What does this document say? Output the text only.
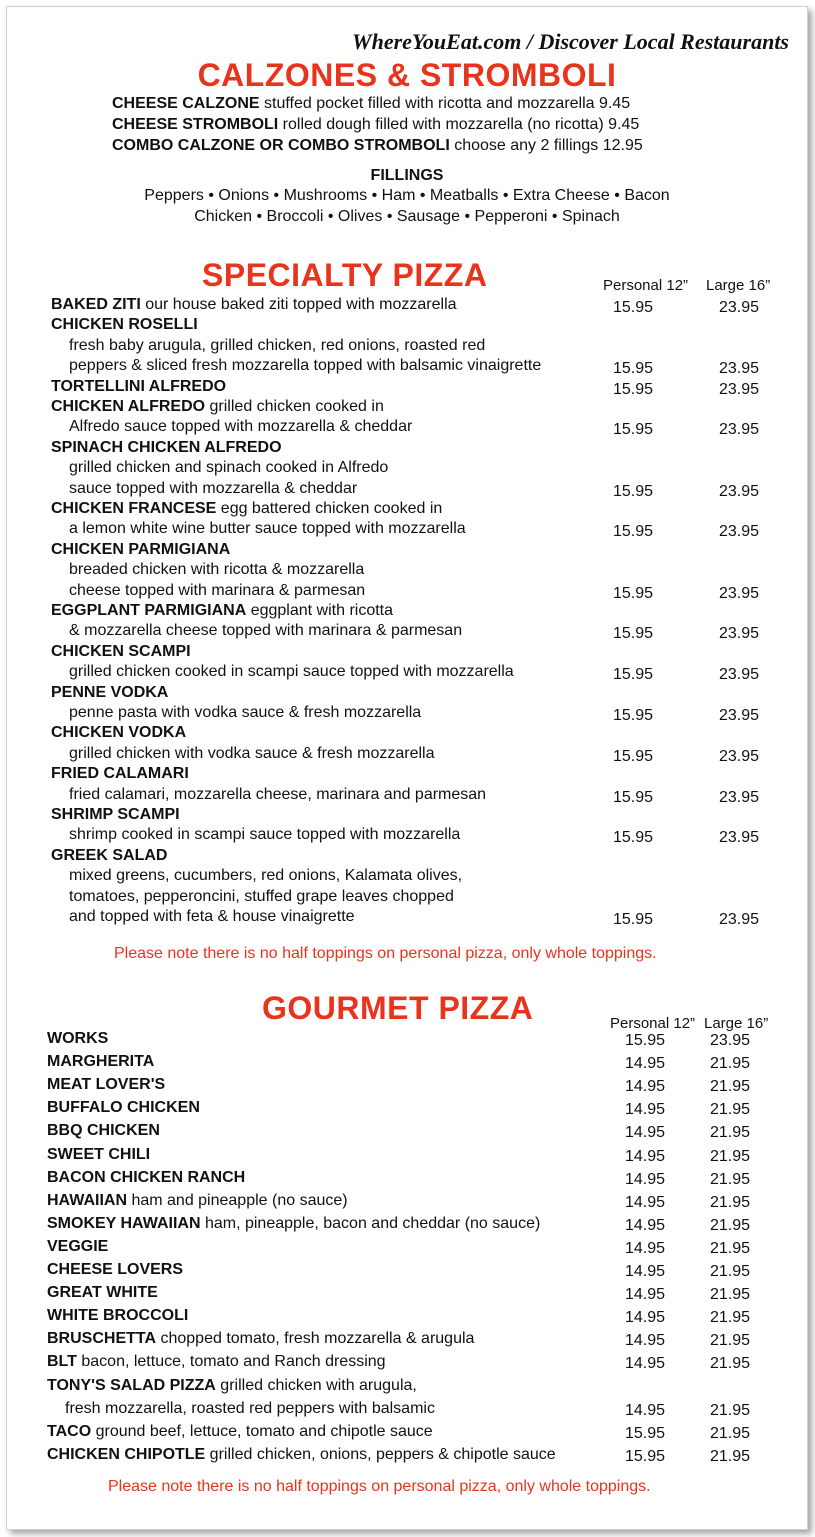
WhereYouEat.com / Discover Local Restaurants
CALZONES & STROMBOLI
CHEESE CALZONE stuffed pocket filled with ricotta and mozzarella 9.45
CHEESE STROMBOLI rolled dough filled with mozzarella (no ricotta) 9.45
COMBO CALZONE OR COMBO STROMBOLI choose any 2 fillings 12.95
FILLINGS
Peppers • Onions • Mushrooms • Ham • Meatballs • Extra Cheese • Bacon
Chicken • Broccoli • Olives • Sausage • Pepperoni • Spinach
SPECIALTY PIZZA	Personal 12” Large 16”
BAKED ZITI our house baked ziti topped with mozzarella	15.95	23.95
CHICKEN ROSELLI
fresh baby arugula, grilled chicken, red onions, roasted red
peppers & sliced fresh mozzarella topped with balsamic vinaigrette	15.95	23.95
TORTELLINI ALFREDO	15.95	23.95
CHICKEN ALFREDO grilled chicken cooked in
Alfredo sauce topped with mozzarella & cheddar	15.95	23.95
SPINACH CHICKEN ALFREDO
grilled chicken and spinach cooked in Alfredo
sauce topped with mozzarella & cheddar	15.95	23.95
CHICKEN FRANCESE egg battered chicken cooked in
a lemon white wine butter sauce topped with mozzarella	15.95	23.95
CHICKEN PARMIGIANA
breaded chicken with ricotta & mozzarella
cheese topped with marinara & parmesan	15.95	23.95
EGGPLANT PARMIGIANA eggplant with ricotta
& mozzarella cheese topped with marinara & parmesan	15.95	23.95
CHICKEN SCAMPI
grilled chicken cooked in scampi sauce topped with mozzarella	15.95	23.95
PENNE VODKA
penne pasta with vodka sauce & fresh mozzarella	15.95	23.95
CHICKEN VODKA
grilled chicken with vodka sauce & fresh mozzarella	15.95	23.95
FRIED CALAMARI
fried calamari, mozzarella cheese, marinara and parmesan	15.95	23.95
SHRIMP SCAMPI
shrimp cooked in scampi sauce topped with mozzarella	15.95	23.95
GREEK SALAD
mixed greens, cucumbers, red onions, Kalamata olives,
tomatoes, pepperoncini, stuffed grape leaves chopped
and topped with feta & house vinaigrette	15.95	23.95
Please note there is no half toppings on personal pizza, only whole toppings.
GOURMET PIZZA	Personal 12” Large 16”
WORKS	15.95	23.95
MARGHERITA	14.95	21.95
MEAT LOVER'S	14.95	21.95
BUFFALO CHICKEN	14.95	21.95
BBQ CHICKEN	14.95	21.95
SWEET CHILI	14.95	21.95
BACON CHICKEN RANCH	14.95	21.95
HAWAIIAN ham and pineapple (no sauce)	14.95	21.95
SMOKEY HAWAIIAN ham, pineapple, bacon and cheddar (no sauce)	14.95	21.95
VEGGIE	14.95	21.95
CHEESE LOVERS	14.95	21.95
GREAT WHITE	14.95	21.95
WHITE BROCCOLI	14.95	21.95
BRUSCHETTA chopped tomato, fresh mozzarella & arugula	14.95	21.95
BLT bacon, lettuce, tomato and Ranch dressing	14.95	21.95
TONY'S SALAD PIZZA grilled chicken with arugula,
fresh mozzarella, roasted red peppers with balsamic	14.95	21.95
TACO ground beef, lettuce, tomato and chipotle sauce	15.95	21.95
CHICKEN CHIPOTLE grilled chicken, onions, peppers & chipotle sauce	15.95	21.95
Please note there is no half toppings on personal pizza, only whole toppings.
